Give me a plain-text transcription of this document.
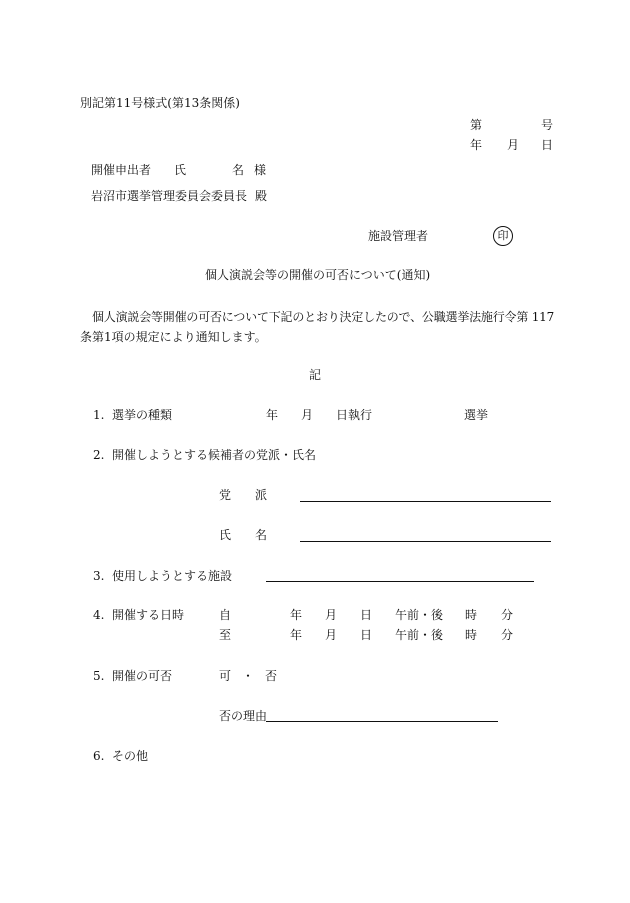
別記第11号様式(第13条関係)
第	号
年 月 日
開催申出者 氏	名 様
岩沼市選挙管理委員会委員長 殿
施設管理者	印
個人演説会等の開催の可否について(通知)
個人演説会等開催の可否について下記のとおり決定したので、公職選挙法施行令第 117
条第1項の規定により通知します。
記
1. 選挙の種類	年 月 日執行	選挙
2. 開催しようとする候補者の党派・氏名
党 派
氏 名
3. 使用しようとする施設
4. 開催する日時	自	年 月 日 午前・後 時 分
至	年 月 日 午前・後 時 分
5. 開催の可否	可 ・ 否
否の理由
6. その他
